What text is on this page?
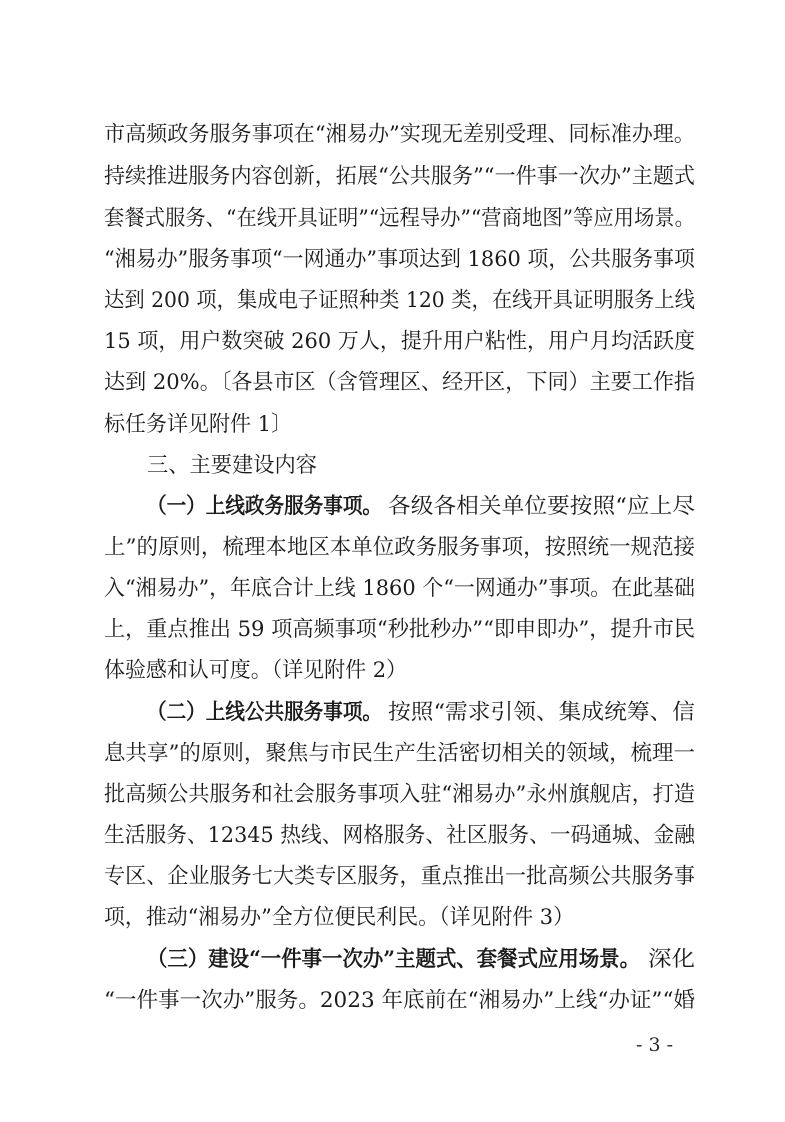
市高频政务服务事项在“湘易办”实现无差别受理、同标准办理。
持续推进服务内容创新，拓展“公共服务”“一件事一次办”主题式
套餐式服务、“在线开具证明”“远程导办”“营商地图”等应用场景。
“湘易办”服务事项“一网通办”事项达到 1860 项，公共服务事项
达到 200 项，集成电子证照种类 120 类，在线开具证明服务上线
15 项，用户数突破 260 万人，提升用户粘性，用户月均活跃度
达到 20%。〔各县市区（含管理区、经开区，下同）主要工作指
标任务详见附件 1〕
三、主要建设内容
（一）上线政务服务事项。 各级各相关单位要按照“应上尽
上”的原则，梳理本地区本单位政务服务事项，按照统一规范接
入“湘易办”，年底合计上线 1860 个“一网通办”事项。在此基础
上，重点推出 59 项高频事项“秒批秒办”“即申即办”，提升市民
体验感和认可度。（详见附件 2）
（二）上线公共服务事项。 按照“需求引领、集成统筹、信
息共享”的原则，聚焦与市民生产生活密切相关的领域，梳理一
批高频公共服务和社会服务事项入驻“湘易办”永州旗舰店，打造
生活服务、12345 热线、网格服务、社区服务、一码通城、金融
专区、企业服务七大类专区服务，重点推出一批高频公共服务事
项，推动“湘易办”全方位便民利民。（详见附件 3）
（三）建设“一件事一次办”主题式、套餐式应用场景。 深化
“一件事一次办”服务。2023 年底前在“湘易办”上线“办证”“婚
- 3 -
